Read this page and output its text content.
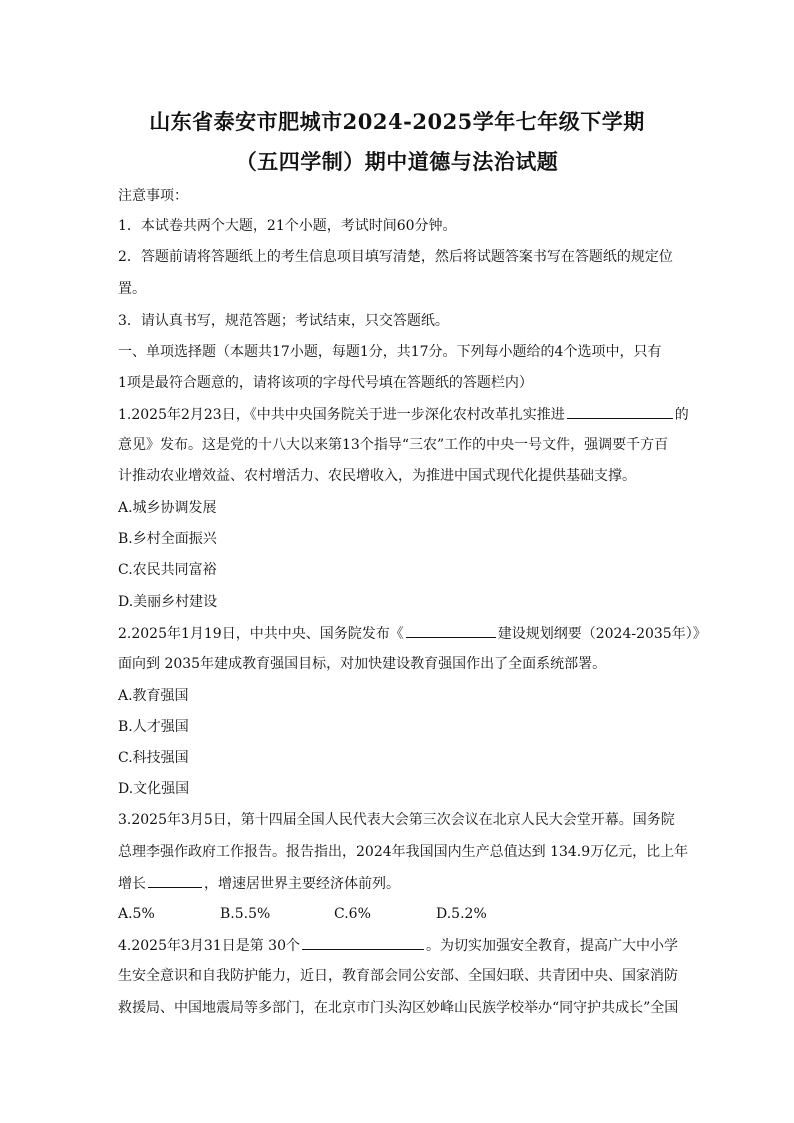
山东省泰安市肥城市2024-2025学年七年级下学期
（五四学制）期中道德与法治试题
注意事项：
1．本试卷共两个大题，21个小题，考试时间60分钟。
2．答题前请将答题纸上的考生信息项目填写清楚，然后将试题答案书写在答题纸的规定位
置。
3．请认真书写，规范答题；考试结束，只交答题纸。
一、单项选择题（本题共17小题，每题1分，共17分。下列每小题给的4个选项中，只有
1项是最符合题意的，请将该项的字母代号填在答题纸的答题栏内）
1.2025年2月23日，《中共中央国务院关于进一步深化农村改革扎实推进	的
意见》发布。这是党的十八大以来第13个指导“三农”工作的中央一号文件，强调要千方百
计推动农业增效益、农村增活力、农民增收入，为推进中国式现代化提供基础支撑。
A.城乡协调发展
B.乡村全面振兴
C.农民共同富裕
D.美丽乡村建设
2.2025年1月19日，中共中央、国务院发布《	建设规划纲要（2024-2035年）》
面向到 2035年建成教育强国目标，对加快建设教育强国作出了全面系统部署。
A.教育强国
B.人才强国
C.科技强国
D.文化强国
3.2025年3月5日，第十四届全国人民代表大会第三次会议在北京人民大会堂开幕。国务院
总理李强作政府工作报告。报告指出，2024年我国国内生产总值达到 134.9万亿元，比上年
增长	，增速居世界主要经济体前列。
A.5%	B.5.5%	C.6%	D.5.2%
4.2025年3月31日是第 30个	。为切实加强安全教育，提高广大中小学
生安全意识和自我防护能力，近日，教育部会同公安部、全国妇联、共青团中央、国家消防
救援局、中国地震局等多部门，在北京市门头沟区妙峰山民族学校举办“同守护共成长”全国
